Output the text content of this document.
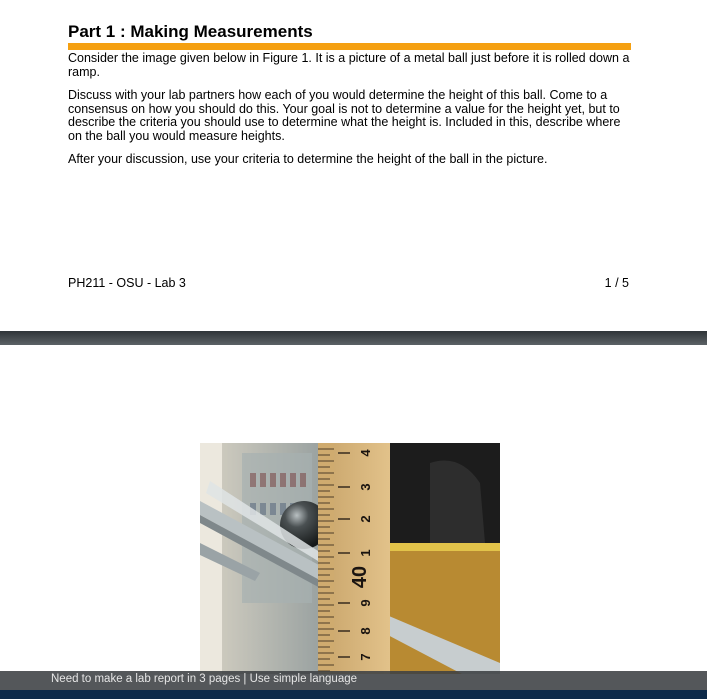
Part 1 : Making Measurements

Consider the image given below in Figure 1. It is a picture of a metal ball just before it is rolled down a ramp.

Discuss with your lab partners how each of you would determine the height of this ball. Come to a consensus on how you should do this. Your goal is not to determine a value for the height yet, but to describe the criteria you should use to determine what the height is. Included in this, describe where on the ball you would measure heights.

After your discussion, use your criteria to determine the height of the ball in the picture.

PH211 - OSU - Lab 3	1 / 5
4
3
2
1
40
9
8
7
Need to make a lab report in 3 pages | Use simple language
